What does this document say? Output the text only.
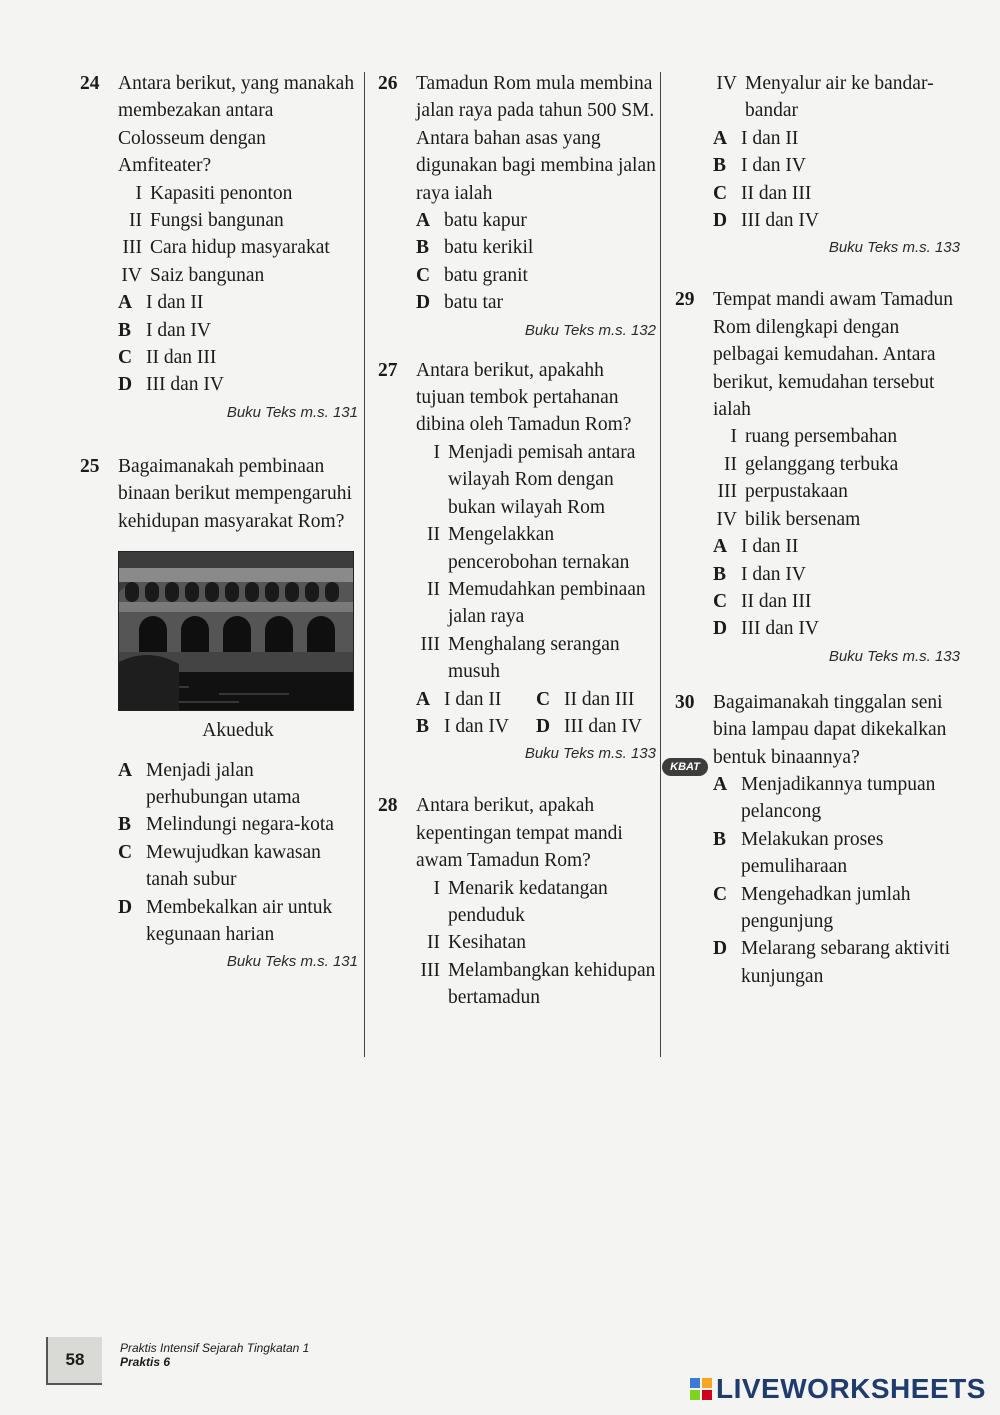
24 Antara berikut, yang manakah membezakan antara Colosseum dengan Amfiteater?
I Kapasiti penonton
II Fungsi bangunan
III Cara hidup masyarakat
IV Saiz bangunan
A I dan II
B I dan IV
C II dan III
D III dan IV
Buku Teks m.s. 131
25 Bagaimanakah pembinaan binaan berikut mempengaruhi kehidupan masyarakat Rom?
Akueduk
A Menjadi jalan perhubungan utama
B Melindungi negara-kota
C Mewujudkan kawasan tanah subur
D Membekalkan air untuk kegunaan harian
Buku Teks m.s. 131
26 Tamadun Rom mula membina jalan raya pada tahun 500 SM. Antara bahan asas yang digunakan bagi membina jalan raya ialah
A batu kapur
B batu kerikil
C batu granit
D batu tar
Buku Teks m.s. 132
27 Antara berikut, apakahh tujuan tembok pertahanan dibina oleh Tamadun Rom?
I Menjadi pemisah antara wilayah Rom dengan bukan wilayah Rom
II Mengelakkan pencerobohan ternakan
II Memudahkan pembinaan jalan raya
III Menghalang serangan musuh
A I dan II C II dan III
B I dan IV D III dan IV
Buku Teks m.s. 133
28 Antara berikut, apakah kepentingan tempat mandi awam Tamadun Rom?
I Menarik kedatangan penduduk
II Kesihatan
III Melambangkan kehidupan bertamadun
IV Menyalur air ke bandar-bandar
A I dan II
B I dan IV
C II dan III
D III dan IV
Buku Teks m.s. 133
29 Tempat mandi awam Tamadun Rom dilengkapi dengan pelbagai kemudahan. Antara berikut, kemudahan tersebut ialah
I ruang persembahan
II gelanggang terbuka
III perpustakaan
IV bilik bersenam
A I dan II
B I dan IV
C II dan III
D III dan IV
Buku Teks m.s. 133
30 Bagaimanakah tinggalan seni bina lampau dapat dikekalkan bentuk binaannya?
A Menjadikannya tumpuan pelancong
B Melakukan proses pemuliharaan
C Mengehadkan jumlah pengunjung
D Melarang sebarang aktiviti kunjungan
KBAT
58
Praktis Intensif Sejarah Tingkatan 1
Praktis 6
LIVEWORKSHEETS
